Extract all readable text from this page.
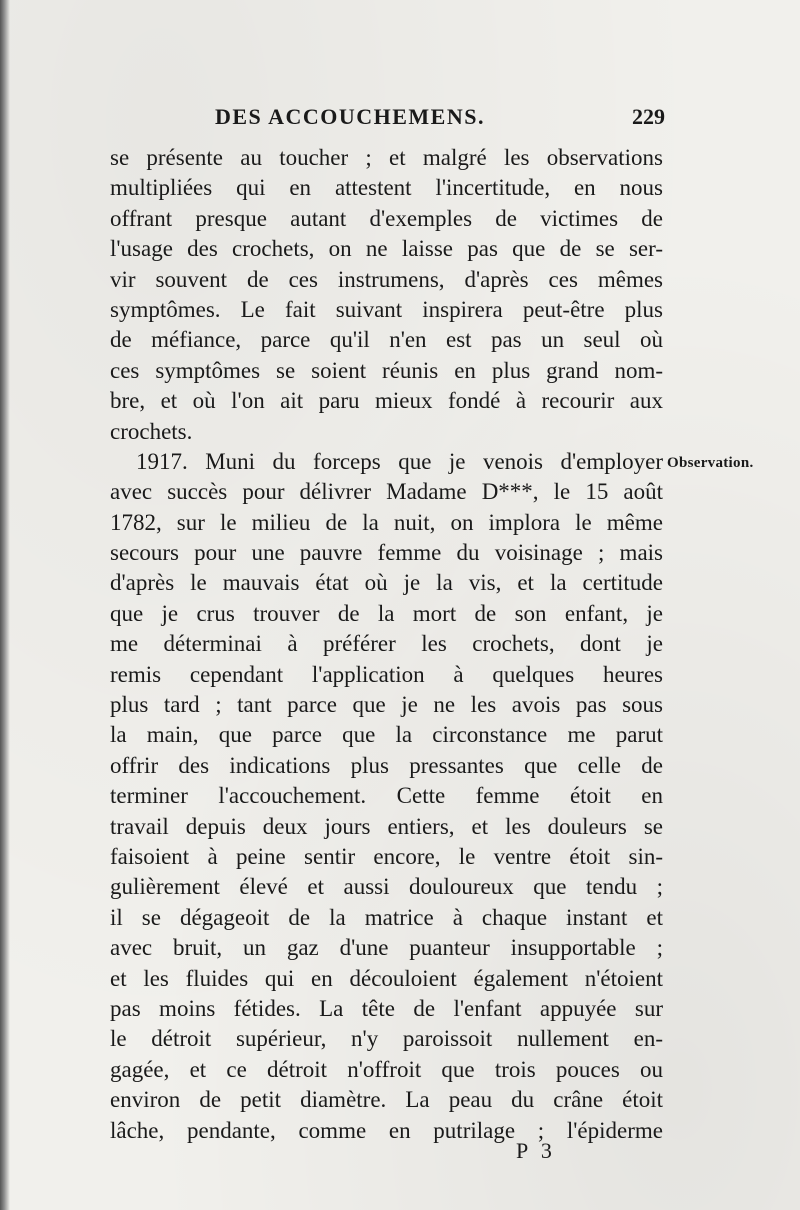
DES ACCOUCHEMENS.	229
se présente au toucher ; et malgré les observations
multipliées qui en attestent l'incertitude, en nous
offrant presque autant d'exemples de victimes de
l'usage des crochets, on ne laisse pas que de se ser-
vir souvent de ces instrumens, d'après ces mêmes
symptômes. Le fait suivant inspirera peut-être plus
de méfiance, parce qu'il n'en est pas un seul où
ces symptômes se soient réunis en plus grand nom-
bre, et où l'on ait paru mieux fondé à recourir aux
crochets.
1917. Muni du forceps que je venois d'employer
avec succès pour délivrer Madame D***, le 15 août
1782, sur le milieu de la nuit, on implora le même
secours pour une pauvre femme du voisinage ; mais
d'après le mauvais état où je la vis, et la certitude
que je crus trouver de la mort de son enfant, je
me déterminai à préférer les crochets, dont je
remis cependant l'application à quelques heures
plus tard ; tant parce que je ne les avois pas sous
la main, que parce que la circonstance me parut
offrir des indications plus pressantes que celle de
terminer l'accouchement. Cette femme étoit en
travail depuis deux jours entiers, et les douleurs se
faisoient à peine sentir encore, le ventre étoit sin-
gulièrement élevé et aussi douloureux que tendu ;
il se dégageoit de la matrice à chaque instant et
avec bruit, un gaz d'une puanteur insupportable ;
et les fluides qui en découloient également n'étoient
pas moins fétides. La tête de l'enfant appuyée sur
le détroit supérieur, n'y paroissoit nullement en-
gagée, et ce détroit n'offroit que trois pouces ou
environ de petit diamètre. La peau du crâne étoit
lâche, pendante, comme en putrilage ; l'épiderme
Observation.
P 3
